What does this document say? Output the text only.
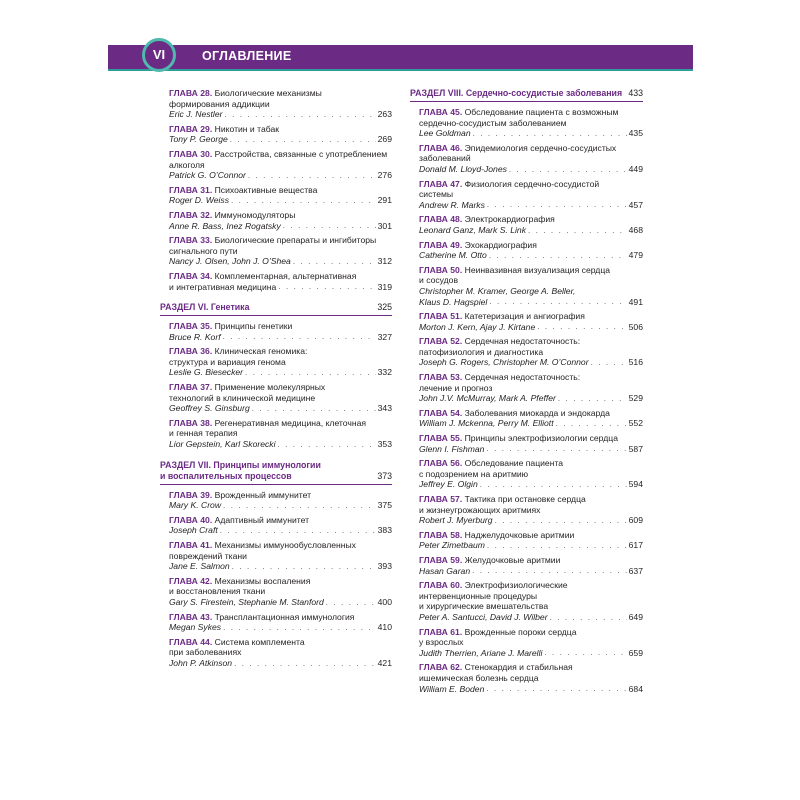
VI	ОГЛАВЛЕНИЕ
ГЛАВА 28. Биологические механизмы
формирования аддикции
Eric J. Nestler . . .	263
ГЛАВА 29. Никотин и табак
Tony P. George . . .	269
ГЛАВА 30. Расстройства, связанные с употреблением
алкоголя
Patrick G. O’Connor . . .	276
ГЛАВА 31. Психоактивные вещества
Roger D. Weiss . . .	291
ГЛАВА 32. Иммуномодуляторы
Anne R. Bass, Inez Rogatsky . . .	301
ГЛАВА 33. Биологические препараты и ингибиторы
сигнального пути
Nancy J. Olsen, John J. O’Shea . . .	312
ГЛАВА 34. Комплементарная, альтернативная
и интегративная медицина . . .	319
РАЗДЕЛ VI. Генетика	325
ГЛАВА 35. Принципы генетики
Bruce R. Korf . . .	327
ГЛАВА 36. Клиническая геномика:
структура и вариация генома
Leslie G. Biesecker . . .	332
ГЛАВА 37. Применение молекулярных
технологий в клинической медицине
Geoffrey S. Ginsburg . . .	343
ГЛАВА 38. Регенеративная медицина, клеточная
и генная терапия
Lior Gepstein, Karl Skorecki . . .	353
РАЗДЕЛ VII. Принципы иммунологии
и воспалительных процессов	373
ГЛАВА 39. Врожденный иммунитет
Mary K. Crow . . .	375
ГЛАВА 40. Адаптивный иммунитет
Joseph Craft . . .	383
ГЛАВА 41. Механизмы иммунообусловленных
повреждений ткани
Jane E. Salmon . . .	393
ГЛАВА 42. Механизмы воспаления
и восстановления ткани
Gary S. Firestein, Stephanie M. Stanford . . .	400
ГЛАВА 43. Трансплантационная иммунология
Megan Sykes . . .	410
ГЛАВА 44. Система комплемента
при заболеваниях
John P. Atkinson . . .	421
РАЗДЕЛ VIII. Сердечно-сосудистые заболевания 433
ГЛАВА 45. Обследование пациента с возможным
сердечно-сосудистым заболеванием
Lee Goldman . . .	435
ГЛАВА 46. Эпидемиология сердечно-сосудистых
заболеваний
Donald M. Lloyd-Jones . . .	449
ГЛАВА 47. Физиология сердечно-сосудистой
системы
Andrew R. Marks . . .	457
ГЛАВА 48. Электрокардиография
Leonard Ganz, Mark S. Link . . .	468
ГЛАВА 49. Эхокардиография
Catherine M. Otto . . .	479
ГЛАВА 50. Неинвазивная визуализация сердца
и сосудов
Christopher M. Kramer, George A. Beller,
Klaus D. Hagspiel . . .	491
ГЛАВА 51. Катетеризация и ангиография
Morton J. Kern, Ajay J. Kirtane . . .	506
ГЛАВА 52. Сердечная недостаточность:
патофизиология и диагностика
Joseph G. Rogers, Christopher M. O’Connor . . .	516
ГЛАВА 53. Сердечная недостаточность:
лечение и прогноз
John J.V. McMurray, Mark A. Pfeffer . . .	529
ГЛАВА 54. Заболевания миокарда и эндокарда
William J. Mckenna, Perry M. Elliott . . .	552
ГЛАВА 55. Принципы электрофизиологии сердца
Glenn I. Fishman . . .	587
ГЛАВА 56. Обследование пациента
с подозрением на аритмию
Jeffrey E. Olgin . . .	594
ГЛАВА 57. Тактика при остановке сердца
и жизнеугрожающих аритмиях
Robert J. Myerburg . . .	609
ГЛАВА 58. Наджелудочковые аритмии
Peter Zimetbaum . . .	617
ГЛАВА 59. Желудочковые аритмии
Hasan Garan . . .	637
ГЛАВА 60. Электрофизиологические
интервенционные процедуры
и хирургические вмешательства
Peter A. Santucci, David J. Wilber . . .	649
ГЛАВА 61. Врожденные пороки сердца
у взрослых
Judith Therrien, Ariane J. Marelli . . .	659
ГЛАВА 62. Стенокардия и стабильная
ишемическая болезнь сердца
William E. Boden . . .	684
